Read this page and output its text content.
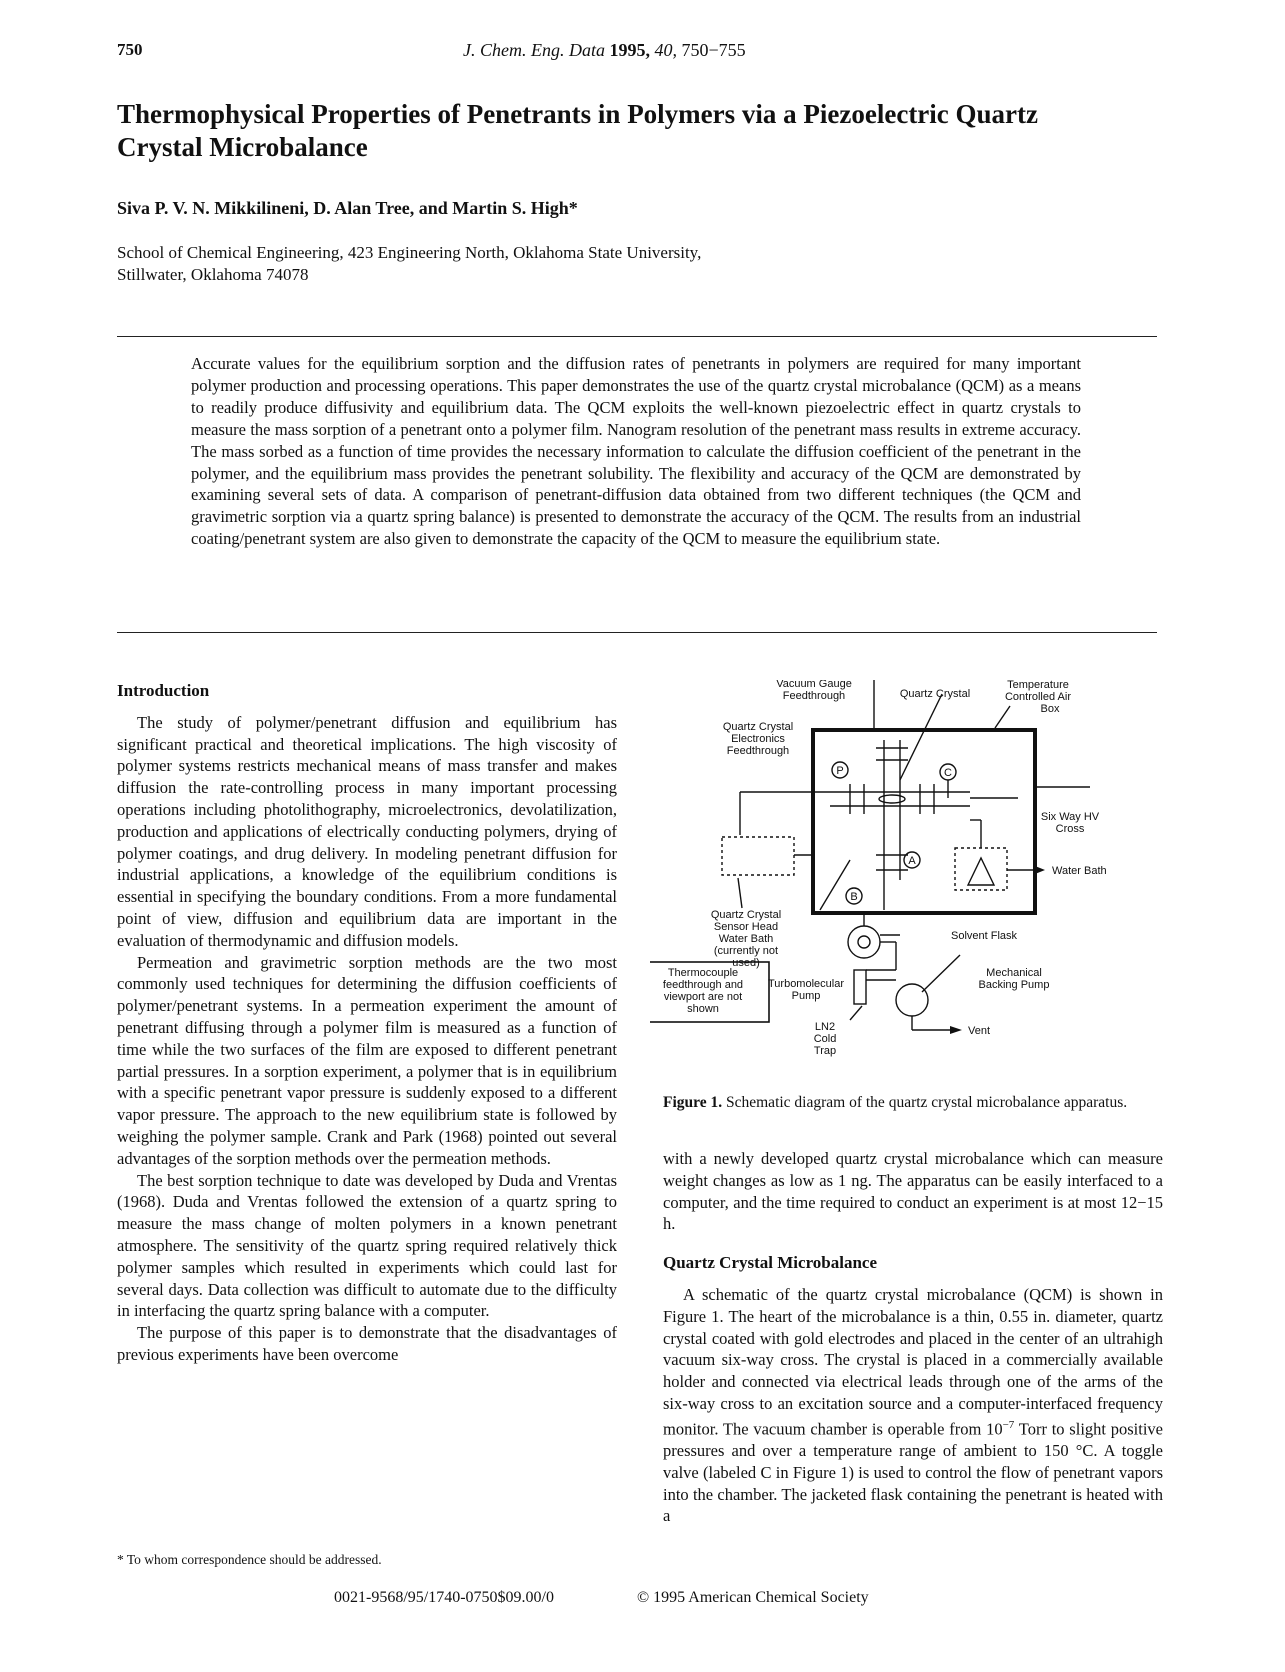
750	J. Chem. Eng. Data 1995, 40, 750−755
Thermophysical Properties of Penetrants in Polymers via a Piezoelectric Quartz Crystal Microbalance
Siva P. V. N. Mikkilineni, D. Alan Tree, and Martin S. High*
School of Chemical Engineering, 423 Engineering North, Oklahoma State University,
Stillwater, Oklahoma 74078
Accurate values for the equilibrium sorption and the diffusion rates of penetrants in polymers are required for many important polymer production and processing operations. This paper demonstrates the use of the quartz crystal microbalance (QCM) as a means to readily produce diffusivity and equilibrium data. The QCM exploits the well-known piezoelectric effect in quartz crystals to measure the mass sorption of a penetrant onto a polymer film. Nanogram resolution of the penetrant mass results in extreme accuracy. The mass sorbed as a function of time provides the necessary information to calculate the diffusion coefficient of the penetrant in the polymer, and the equilibrium mass provides the penetrant solubility. The flexibility and accuracy of the QCM are demonstrated by examining several sets of data. A comparison of penetrant-diffusion data obtained from two different techniques (the QCM and gravimetric sorption via a quartz spring balance) is presented to demonstrate the accuracy of the QCM. The results from an industrial coating/penetrant system are also given to demonstrate the capacity of the QCM to measure the equilibrium state.
Introduction

The study of polymer/penetrant diffusion and equilibrium has significant practical and theoretical implications. The high viscosity of polymer systems restricts mechanical means of mass transfer and makes diffusion the rate-controlling process in many important processing operations including photolithography, microelectronics, devolatilization, production and applications of electrically conducting polymers, drying of polymer coatings, and drug delivery. In modeling penetrant diffusion for industrial applications, a knowledge of the equilibrium conditions is essential in specifying the boundary conditions. From a more fundamental point of view, diffusion and equilibrium data are important in the evaluation of thermodynamic and diffusion models.

Permeation and gravimetric sorption methods are the two most commonly used techniques for determining the diffusion coefficients of polymer/penetrant systems. In a permeation experiment the amount of penetrant diffusing through a polymer film is measured as a function of time while the two surfaces of the film are exposed to different penetrant partial pressures. In a sorption experiment, a polymer that is in equilibrium with a specific penetrant vapor pressure is suddenly exposed to a different vapor pressure. The approach to the new equilibrium state is followed by weighing the polymer sample. Crank and Park (1968) pointed out several advantages of the sorption methods over the permeation methods.

The best sorption technique to date was developed by Duda and Vrentas (1968). Duda and Vrentas followed the extension of a quartz spring to measure the mass change of molten polymers in a known penetrant atmosphere. The sensitivity of the quartz spring required relatively thick polymer samples which resulted in experiments which could last for several days. Data collection was difficult to automate due to the difficulty in interfacing the quartz spring balance with a computer.

The purpose of this paper is to demonstrate that the disadvantages of previous experiments have been overcome

Vacuum Gauge
Feedthrough	Quartz Crystal
Temperature
Controlled Air
Box
Quartz Crystal
Electronics
Feedthrough
Six Way HV
Cross
Water Bath
Quartz Crystal
Sensor Head
Water Bath
(currently not
used)
Solvent Flask
Mechanical
Backing Pump
Turbomolecular
Pump
Thermocouple
feedthrough and
viewport are not
shown
LN2
Cold
Trap
Vent
P	C
A
B
Figure 1. Schematic diagram of the quartz crystal microbalance apparatus.

with a newly developed quartz crystal microbalance which can measure weight changes as low as 1 ng. The apparatus can be easily interfaced to a computer, and the time required to conduct an experiment is at most 12−15 h.

Quartz Crystal Microbalance

A schematic of the quartz crystal microbalance (QCM) is shown in Figure 1. The heart of the microbalance is a thin, 0.55 in. diameter, quartz crystal coated with gold electrodes and placed in the center of an ultrahigh vacuum six-way cross. The crystal is placed in a commercially available holder and connected via electrical leads through one of the arms of the six-way cross to an excitation source and a computer-interfaced frequency monitor. The vacuum chamber is operable from $10^{-7}$ Torr to slight positive pressures and over a temperature range of ambient to 150 °C. A toggle valve (labeled C in Figure 1) is used to control the flow of penetrant vapors into the chamber. The jacketed flask containing the penetrant is heated with a

* To whom correspondence should be addressed.
0021-9568/95/1740-0750$09.00/0	© 1995 American Chemical Society
